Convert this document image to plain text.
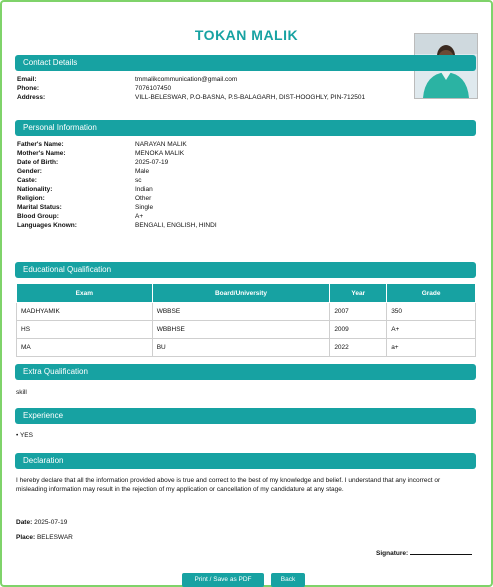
TOKAN MALIK
Contact Details
Email:	tmmalikcommunication@gmail.com
Phone:	7076107450
Address:	VILL-BELESWAR, P.O-BASNA, P.S-BALAGARH, DIST-HOOGHLY, PIN-712501
Personal Information
Father's Name:	NARAYAN MALIK
Mother's Name:	MENOKA MALIK
Date of Birth:	2025-07-19
Gender:	Male
Caste:	sc
Nationality:	Indian
Religion:	Other
Marital Status:	Single
Blood Group:	A+
Languages Known:	BENGALI, ENGLISH, HINDI
Educational Qualification
Exam	Board/University	Year	Grade
MADHYAMIK	WBBSE	2007	350
HS	WBBHSE	2009	A+
MA	BU	2022	a+
Extra Qualification
skill
Experience
• YES
Declaration
I hereby declare that all the information provided above is true and correct to the best of my knowledge and belief. I understand that any incorrect or misleading information may result in the rejection of my application or cancellation of my candidature at any stage.
Date: 2025-07-19
Place: BELESWAR
Signature:
Print / Save as PDF	Back
